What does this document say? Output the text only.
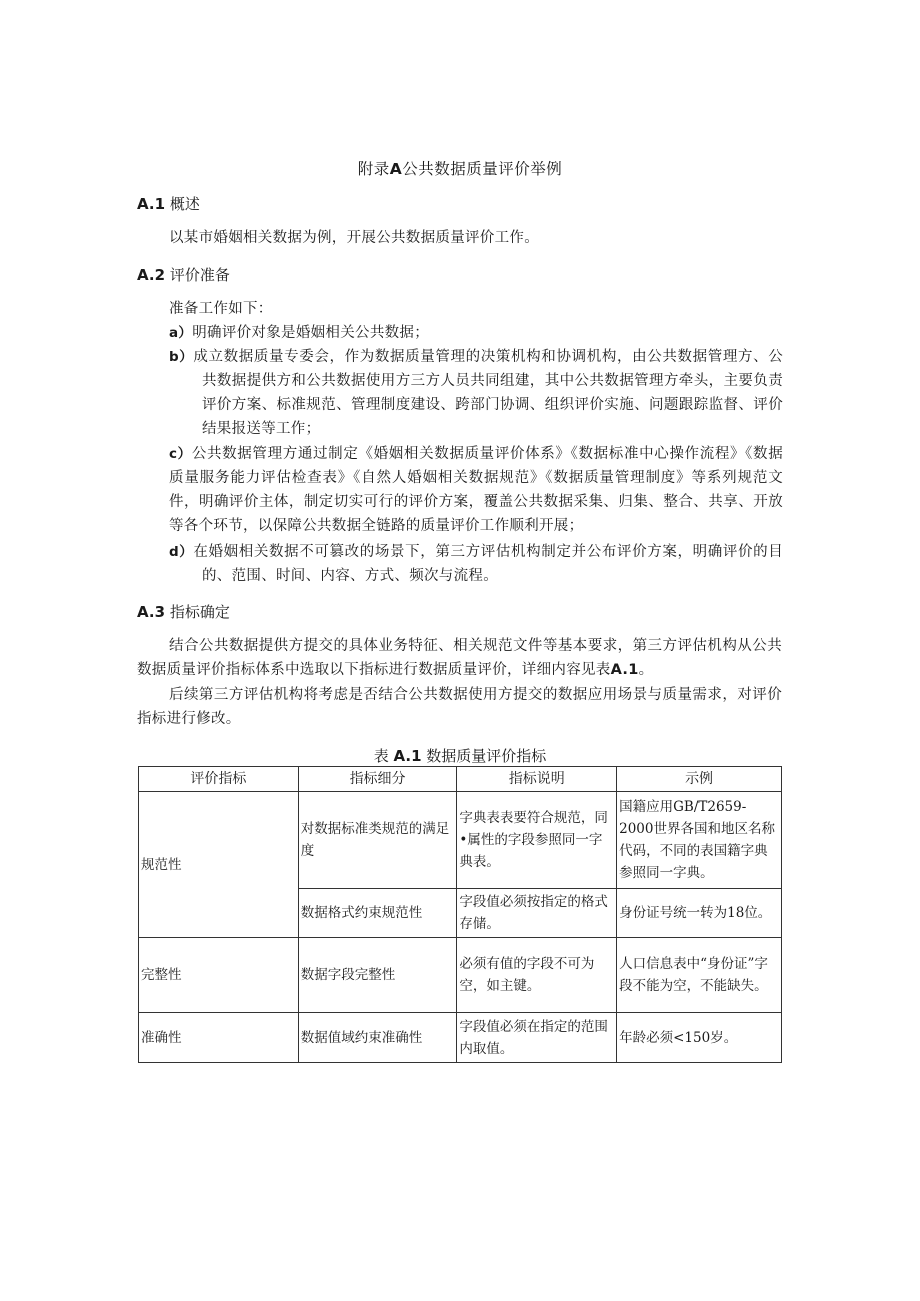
附录A公共数据质量评价举例
A.1 概述
以某市婚姻相关数据为例，开展公共数据质量评价工作。
A.2 评价准备
准备工作如下：
a）明确评价对象是婚姻相关公共数据；
b）成立数据质量专委会，作为数据质量管理的决策机构和协调机构，由公共数据管理方、公共数据提供方和公共数据使用方三方人员共同组建，其中公共数据管理方牵头，主要负责评价方案、标准规范、管理制度建设、跨部门协调、组织评价实施、问题跟踪监督、评价结果报送等工作；
c）公共数据管理方通过制定《婚姻相关数据质量评价体系》《数据标准中心操作流程》《数据质量服务能力评估检查表》《自然人婚姻相关数据规范》《数据质量管理制度》等系列规范文件，明确评价主体，制定切实可行的评价方案，覆盖公共数据采集、归集、整合、共享、开放等各个环节，以保障公共数据全链路的质量评价工作顺利开展；
d）在婚姻相关数据不可篡改的场景下，第三方评估机构制定并公布评价方案，明确评价的目的、范围、时间、内容、方式、频次与流程。
A.3 指标确定
结合公共数据提供方提交的具体业务特征、相关规范文件等基本要求，第三方评估机构从公共数据质量评价指标体系中选取以下指标进行数据质量评价，详细内容见表A.1。
后续第三方评估机构将考虑是否结合公共数据使用方提交的数据应用场景与质量需求，对评价指标进行修改。
表 A.1 数据质量评价指标
评价指标	指标细分	指标说明	示例
规范性	对数据标准类规范的满足度	字典表表要符合规范，同•属性的字段参照同一字典表。	国籍应用GB/T2659-2000世界各国和地区名称代码，不同的表国籍字典参照同一字典。
	数据格式约束规范性	字段值必须按指定的格式存储。	身份证号统一转为18位。
完整性	数据字段完整性	必须有值的字段不可为空，如主键。	人口信息表中“身份证”字段不能为空，不能缺失。
准确性	数据值域约束准确性	字段值必须在指定的范围内取值。	年龄必须<150岁。
